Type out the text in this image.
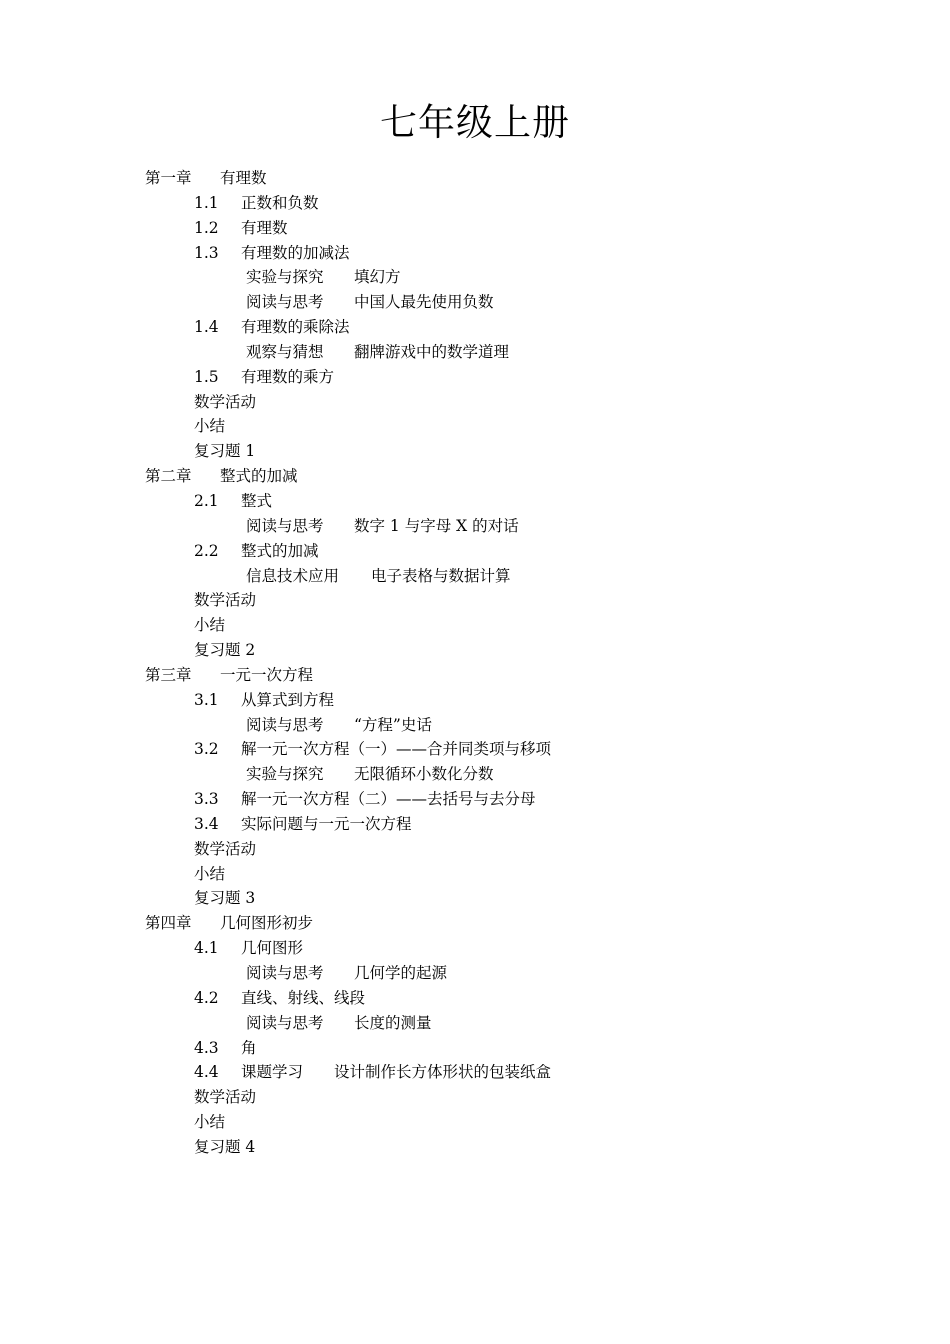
七年级上册
第一章 有理数
1.1 正数和负数
1.2 有理数
1.3 有理数的加减法
实验与探究 填幻方
阅读与思考 中国人最先使用负数
1.4 有理数的乘除法
观察与猜想 翻牌游戏中的数学道理
1.5 有理数的乘方
数学活动
小结
复习题 1
第二章 整式的加减
2.1 整式
阅读与思考 数字 1 与字母 X 的对话
2.2 整式的加减
信息技术应用 电子表格与数据计算
数学活动
小结
复习题 2
第三章 一元一次方程
3.1 从算式到方程
阅读与思考 “方程”史话
3.2 解一元一次方程（一）——合并同类项与移项
实验与探究 无限循环小数化分数
3.3 解一元一次方程（二）——去括号与去分母
3.4 实际问题与一元一次方程
数学活动
小结
复习题 3
第四章 几何图形初步
4.1 几何图形
阅读与思考 几何学的起源
4.2 直线、射线、线段
阅读与思考 长度的测量
4.3 角
4.4 课题学习　　设计制作长方体形状的包装纸盒
数学活动
小结
复习题 4
